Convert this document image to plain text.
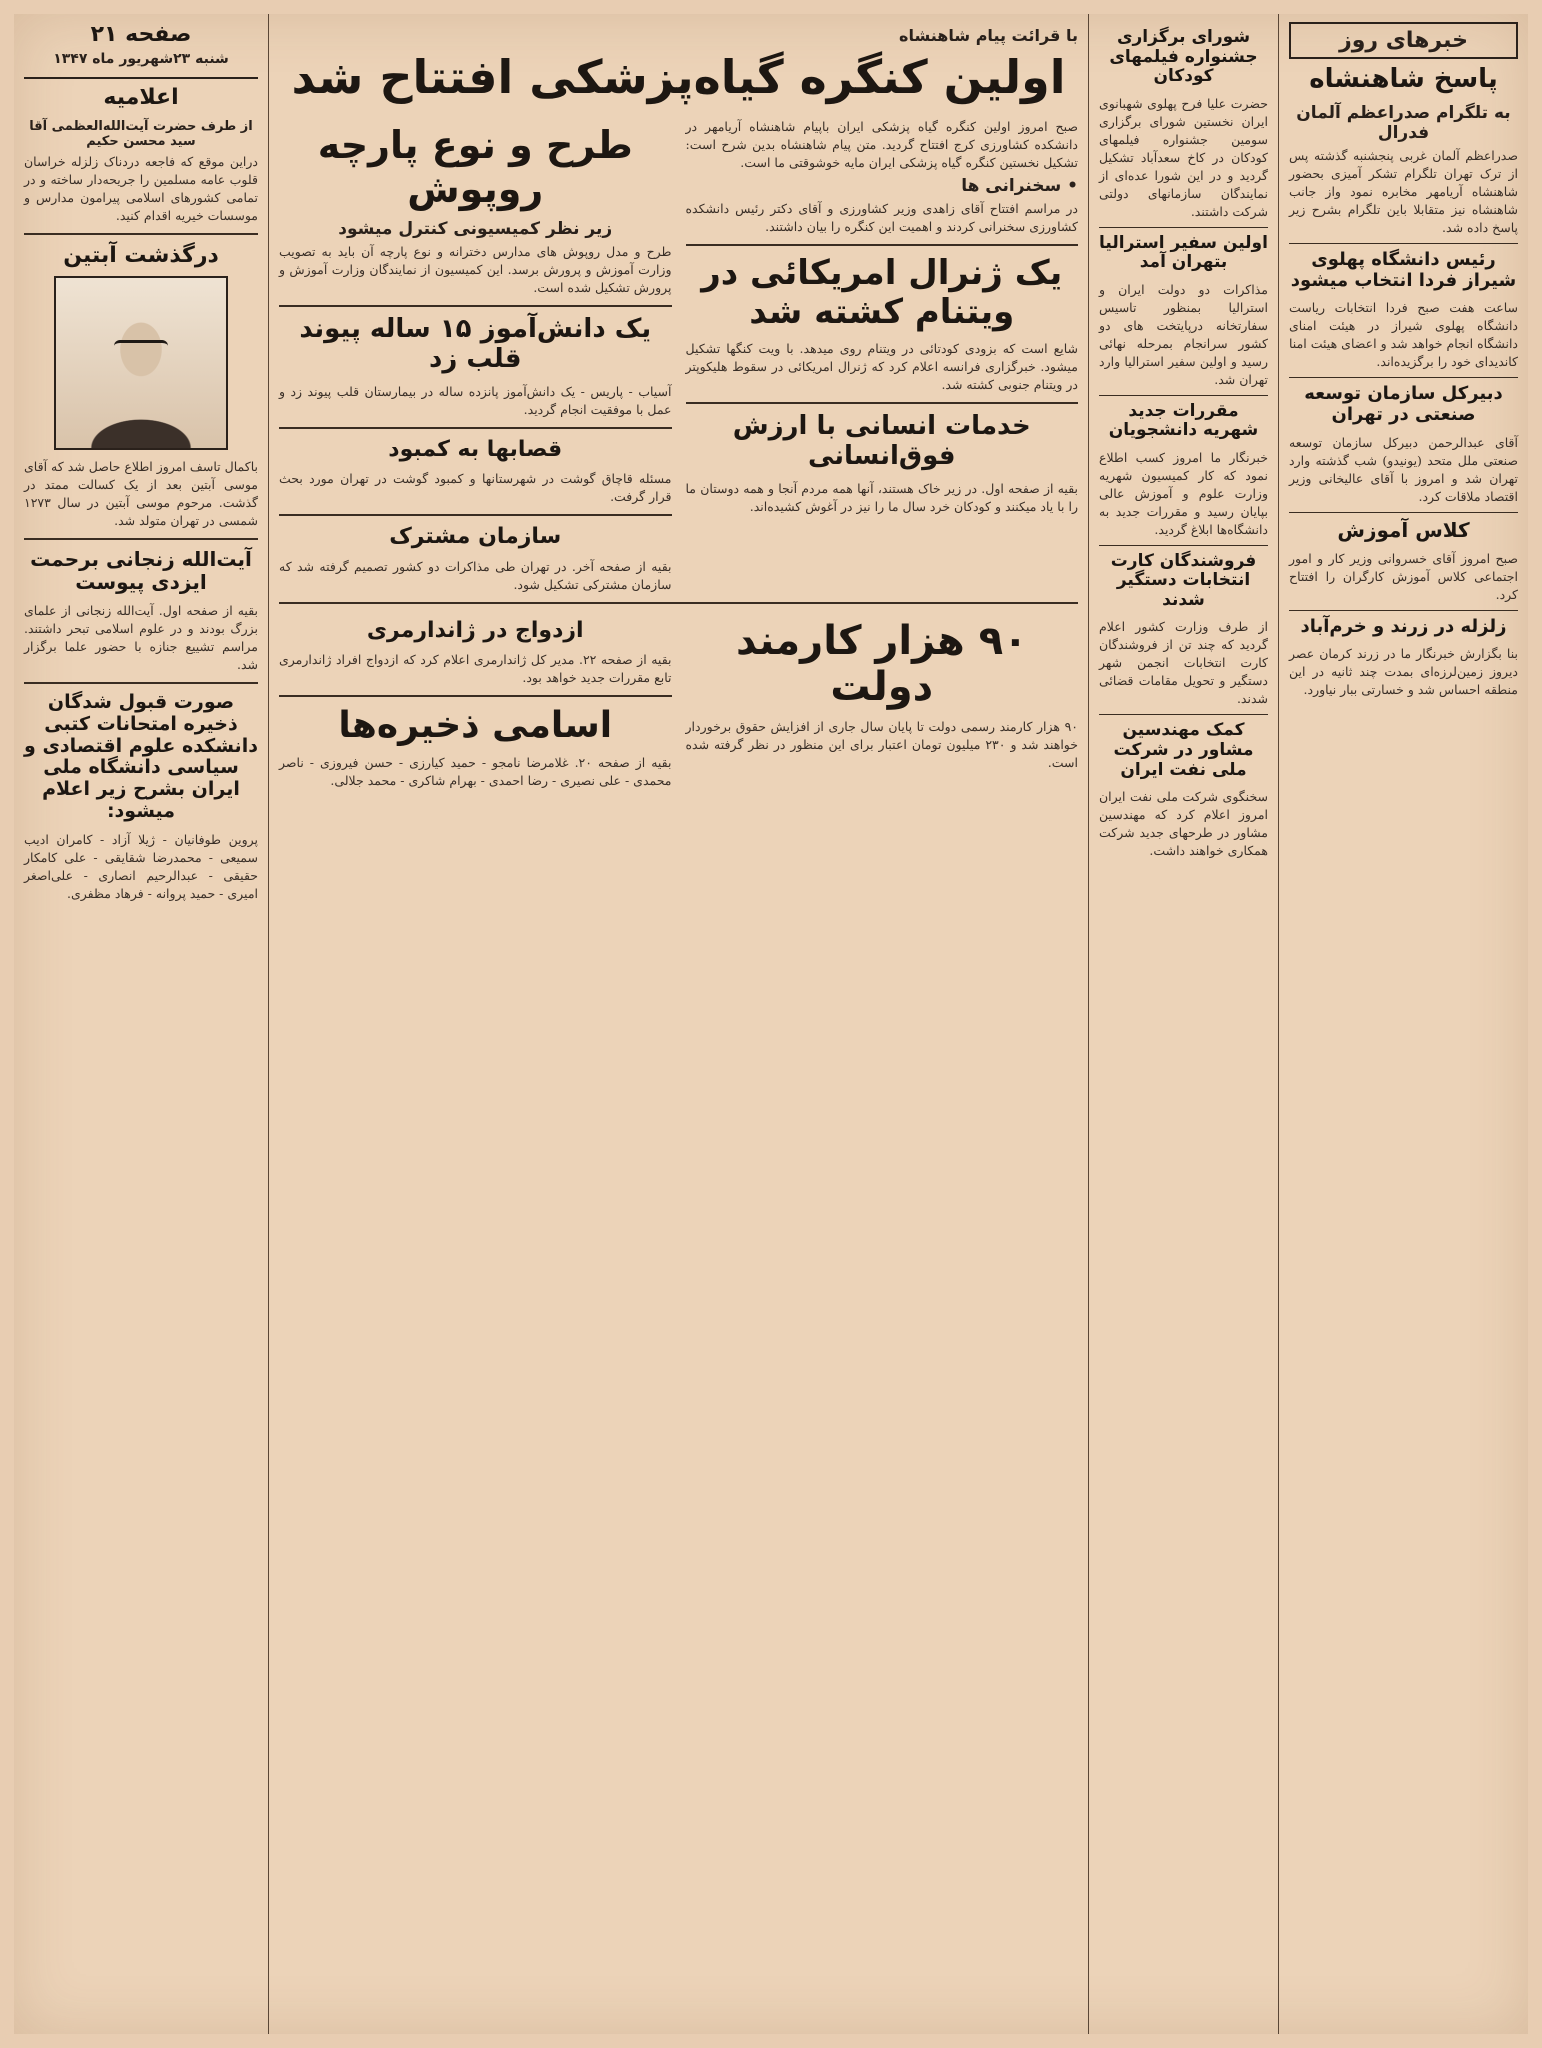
خبرهای روز
پاسخ شاهنشاه
به تلگرام صدراعظم آلمان فدرال
صدراعظم آلمان غربی پنجشنبه گذشته پس از ترک تهران تلگرام تشکر آمیزی بحضور شاهنشاه آریامهر مخابره نمود واز جانب شاهنشاه نیز متقابلا باین تلگرام بشرح زیر پاسخ داده شد.
رئیس دانشگاه پهلوی شیراز فردا انتخاب میشود
ساعت هفت صبح فردا انتخابات ریاست دانشگاه پهلوی شیراز در هیئت امنای دانشگاه انجام خواهد شد و اعضای هیئت امنا کاندیدای خود را برگزیده‌اند.
دبیرکل سازمان توسعه صنعتی در تهران
آقای عبدالرحمن دبیرکل سازمان توسعه صنعتی ملل متحد (یونیدو) شب گذشته وارد تهران شد و امروز با آقای عالیخانی وزیر اقتصاد ملاقات کرد.
کلاس آموزش
صبح امروز آقای خسروانی وزیر کار و امور اجتماعی کلاس آموزش کارگران را افتتاح کرد.
زلزله در زرند و خرم‌آباد
بنا بگزارش خبرنگار ما در زرند کرمان عصر دیروز زمین‌لرزه‌ای بمدت چند ثانیه در این منطقه احساس شد و خسارتی ببار نیاورد.
شورای برگزاری جشنواره فیلمهای کودکان
حضرت علیا فرح پهلوی شهبانوی ایران نخستین شورای برگزاری سومین جشنواره فیلمهای کودکان در کاخ سعدآباد تشکیل گردید و در این شورا عده‌ای از نمایندگان سازمانهای دولتی شرکت داشتند.
اولین سفیر استرالیا بتهران آمد
مذاکرات دو دولت ایران و استرالیا بمنظور تاسیس سفارتخانه درپایتخت های دو کشور سرانجام بمرحله نهائی رسید و اولین سفیر استرالیا وارد تهران شد.
مقررات جدید شهریه دانشجویان
خبرنگار ما امروز کسب اطلاع نمود که کار کمیسیون شهریه وزارت علوم و آموزش عالی بپایان رسید و مقررات جدید به دانشگاه‌ها ابلاغ گردید.
فروشندگان کارت انتخابات دستگیر شدند
از طرف وزارت کشور اعلام گردید که چند تن از فروشندگان کارت انتخابات انجمن شهر دستگیر و تحویل مقامات قضائی شدند.
کمک مهندسین مشاور در شرکت ملی نفت ایران
سخنگوی شرکت ملی نفت ایران امروز اعلام کرد که مهندسین مشاور در طرحهای جدید شرکت همکاری خواهند داشت.
با قرائت پیام شاهنشاه
اولین کنگره گیاه‌پزشکی افتتاح شد
صبح امروز اولین کنگره گیاه پزشکی ایران باپیام شاهنشاه آریامهر در دانشکده کشاورزی کرج افتتاح گردید. متن پیام شاهنشاه بدین شرح است: تشکیل نخستین کنگره گیاه پزشکی ایران مایه خوشوقتی ما است.
• سخنرانی ها
در مراسم افتتاح آقای زاهدی وزیر کشاورزی و آقای دکتر رئیس دانشکده کشاورزی سخنرانی کردند و اهمیت این کنگره را بیان داشتند.
یک ژنرال امریکائی در ویتنام کشته شد
شایع است که بزودی کودتائی در ویتنام روی میدهد. با ویت کنگها تشکیل میشود. خبرگزاری فرانسه اعلام کرد که ژنرال امریکائی در سقوط هلیکوپتر در ویتنام جنوبی کشته شد.
خدمات انسانی با ارزش فوق‌انسانی
بقیه از صفحه اول. در زیر خاک هستند، آنها همه مردم آنجا و همه دوستان ما را با یاد میکنند و کودکان خرد سال ما را نیز در آغوش کشیده‌اند.
طرح و نوع پارچه روپوش
زیر نظر کمیسیونی کنترل میشود
طرح و مدل روپوش های مدارس دخترانه و نوع پارچه آن باید به تصویب وزارت آموزش و پرورش برسد. این کمیسیون از نمایندگان وزارت آموزش و پرورش تشکیل شده است.
یک دانش‌آموز ۱۵ ساله پیوند قلب زد
آسیاب - پاریس - یک دانش‌آموز پانزده ساله در بیمارستان قلب پیوند زد و عمل با موفقیت انجام گردید.
قصابها به کمبود
مسئله قاچاق گوشت در شهرستانها و کمبود گوشت در تهران مورد بحث قرار گرفت.
سازمان مشترک
بقیه از صفحه آخر. در تهران طی مذاکرات دو کشور تصمیم گرفته شد که سازمان مشترکی تشکیل شود.
۹۰ هزار کارمند دولت
۹۰ هزار کارمند رسمی دولت تا پایان سال جاری از افزایش حقوق برخوردار خواهند شد و ۲۳۰ میلیون تومان اعتبار برای این منظور در نظر گرفته شده است.
ازدواج در ژاندارمری
بقیه از صفحه ۲۲. مدیر کل ژاندارمری اعلام کرد که ازدواج افراد ژاندارمری تابع مقررات جدید خواهد بود.
اسامی ذخیره‌ها
بقیه از صفحه ۲۰. غلامرضا نامجو - حمید کیارزی - حسن فیروزی - ناصر محمدی - علی نصیری - رضا احمدی - بهرام شاکری - محمد جلالی.
صفحه ۲۱
شنبه ۲۳شهریور ماه ۱۳۴۷
اعلامیه
از طرف حضرت آیت‌الله‌العظمی آقا سید محسن حکیم
دراین موقع که فاجعه دردناک زلزله خراسان قلوب عامه مسلمین را جریحه‌دار ساخته و در تمامی کشورهای اسلامی پیرامون مدارس و موسسات خیریه اقدام کنید.
درگذشت آبتین
باکمال تاسف امروز اطلاع حاصل شد که آقای موسی آبتین بعد از یک کسالت ممتد در گذشت. مرحوم موسی آبتین در سال ۱۲۷۳ شمسی در تهران متولد شد.
آیت‌الله زنجانی برحمت ایزدی پیوست
بقیه از صفحه اول. آیت‌الله زنجانی از علمای بزرگ بودند و در علوم اسلامی تبحر داشتند. مراسم تشییع جنازه با حضور علما برگزار شد.
صورت قبول شدگان ذخیره امتحانات کتبی دانشکده علوم اقتصادی و سیاسی دانشگاه ملی ایران بشرح زیر اعلام میشود:
پروین طوفانیان - ژیلا آزاد - کامران ادیب سمیعی - محمدرضا شقایقی - علی کامکار حقیقی - عبدالرحیم انصاری - علی‌اصغر امیری - حمید پروانه - فرهاد مظفری.
